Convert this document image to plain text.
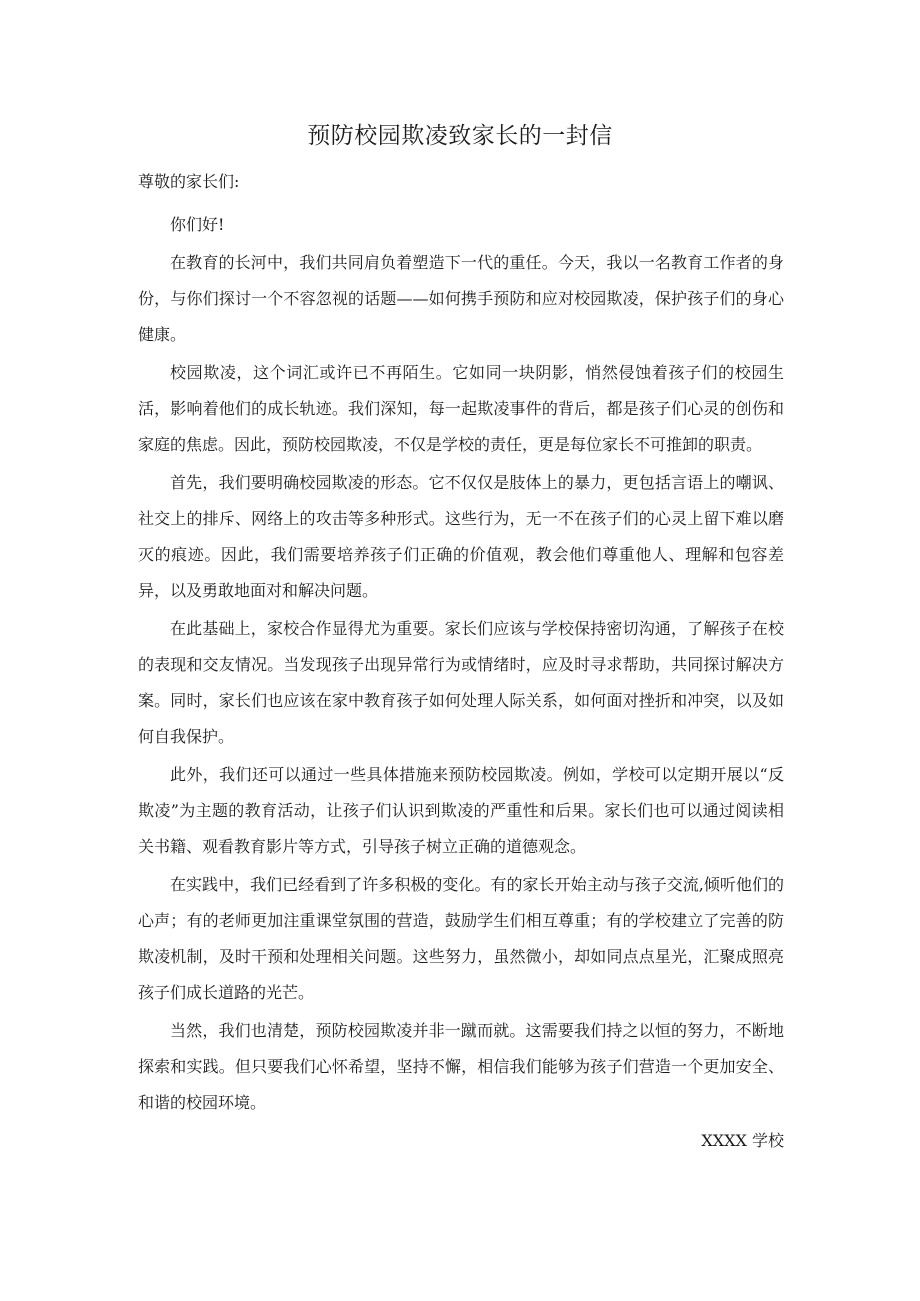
预防校园欺凌致家长的一封信

尊敬的家长们:

你们好!

在教育的长河中，我们共同肩负着塑造下一代的重任。今天，我以一名教育工作者的身份，与你们探讨一个不容忽视的话题——如何携手预防和应对校园欺凌，保护孩子们的身心健康。

校园欺凌，这个词汇或许已不再陌生。它如同一块阴影，悄然侵蚀着孩子们的校园生活，影响着他们的成长轨迹。我们深知，每一起欺凌事件的背后，都是孩子们心灵的创伤和家庭的焦虑。因此，预防校园欺凌，不仅是学校的责任，更是每位家长不可推卸的职责。

首先，我们要明确校园欺凌的形态。它不仅仅是肢体上的暴力，更包括言语上的嘲讽、社交上的排斥、网络上的攻击等多种形式。这些行为，无一不在孩子们的心灵上留下难以磨灭的痕迹。因此，我们需要培养孩子们正确的价值观，教会他们尊重他人、理解和包容差异，以及勇敢地面对和解决问题。

在此基础上，家校合作显得尤为重要。家长们应该与学校保持密切沟通，了解孩子在校的表现和交友情况。当发现孩子出现异常行为或情绪时，应及时寻求帮助，共同探讨解决方案。同时，家长们也应该在家中教育孩子如何处理人际关系，如何面对挫折和冲突，以及如何自我保护。

此外，我们还可以通过一些具体措施来预防校园欺凌。例如，学校可以定期开展以“反欺凌”为主题的教育活动，让孩子们认识到欺凌的严重性和后果。家长们也可以通过阅读相关书籍、观看教育影片等方式，引导孩子树立正确的道德观念。

在实践中，我们已经看到了许多积极的变化。有的家长开始主动与孩子交流,倾听他们的心声；有的老师更加注重课堂氛围的营造，鼓励学生们相互尊重；有的学校建立了完善的防欺凌机制，及时干预和处理相关问题。这些努力，虽然微小，却如同点点星光，汇聚成照亮孩子们成长道路的光芒。

当然，我们也清楚，预防校园欺凌并非一蹴而就。这需要我们持之以恒的努力，不断地探索和实践。但只要我们心怀希望，坚持不懈，相信我们能够为孩子们营造一个更加安全、和谐的校园环境。

XXXX 学校
